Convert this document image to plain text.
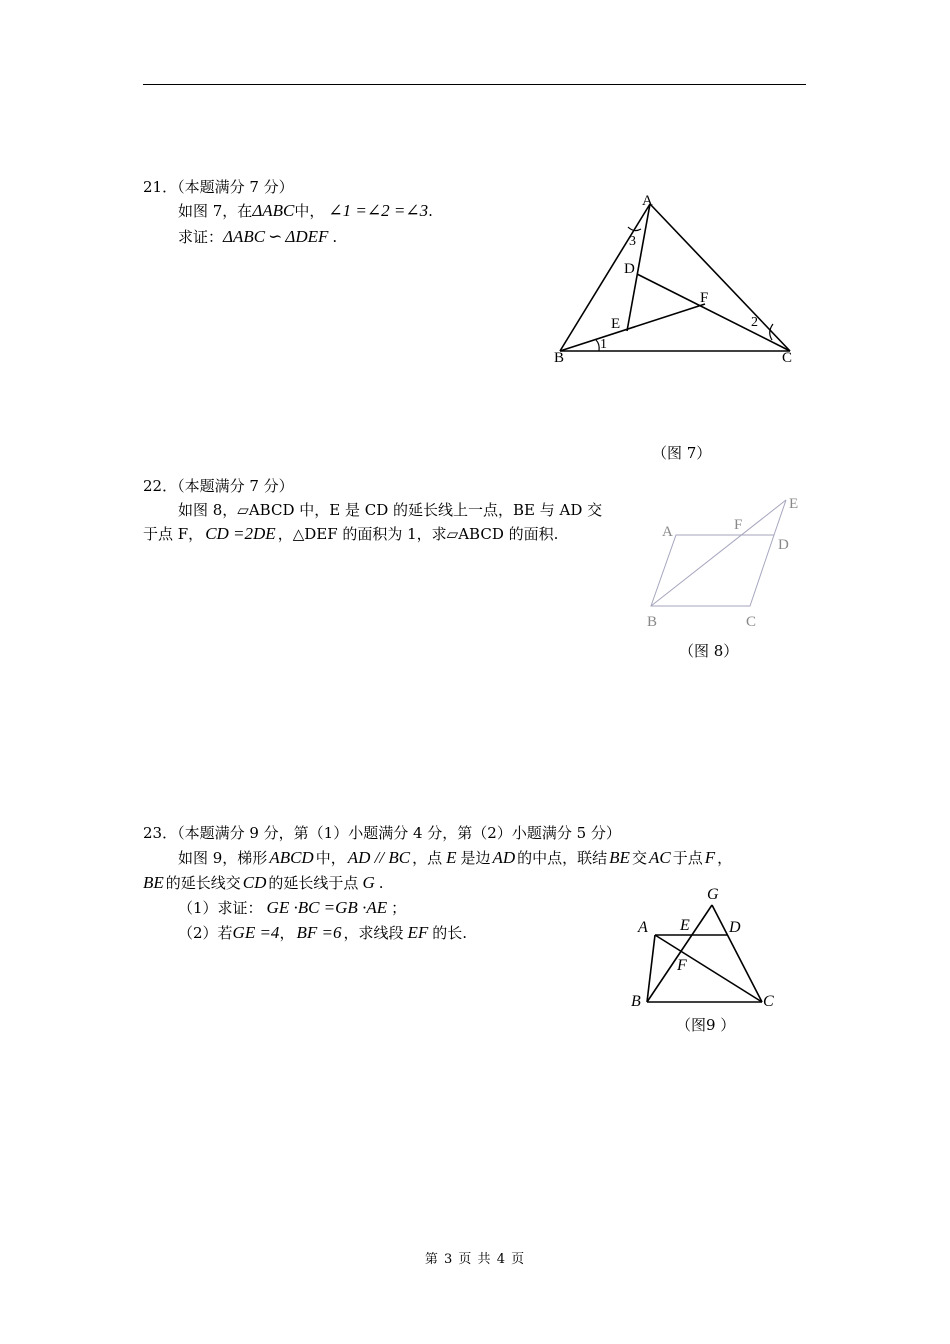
21．（本题满分 7 分）
如图 7，在ΔABC中， ∠1 =∠2 =∠3.
求证：ΔABC ∽ ΔDEF .
A
B	C
D
E
F
1
2
3
（图 7）
22．（本题满分 7 分）
如图 8，▱ABCD 中，E 是 CD 的延长线上一点，BE 与 AD 交
于点 F， CD =2DE ，△DEF 的面积为 1，求▱ABCD 的面积.	A
B	C
D
E
F
（图 8）
23．（本题满分 9 分，第（1）小题满分 4 分，第（2）小题满分 5 分）
如图 9，梯形 ABCD 中， AD // BC ，点 E 是边 AD 的中点，联结 BE 交 AC 于点 F ，
BE 的延长线交 CD 的延长线于点 G .
（1）求证： GE ·BC =GB ·AE ；
（2）若GE =4， BF =6 ，求线段 EF 的长.
G
A E D
F
B	C
（图9 ）
第 3 页 共 4 页
